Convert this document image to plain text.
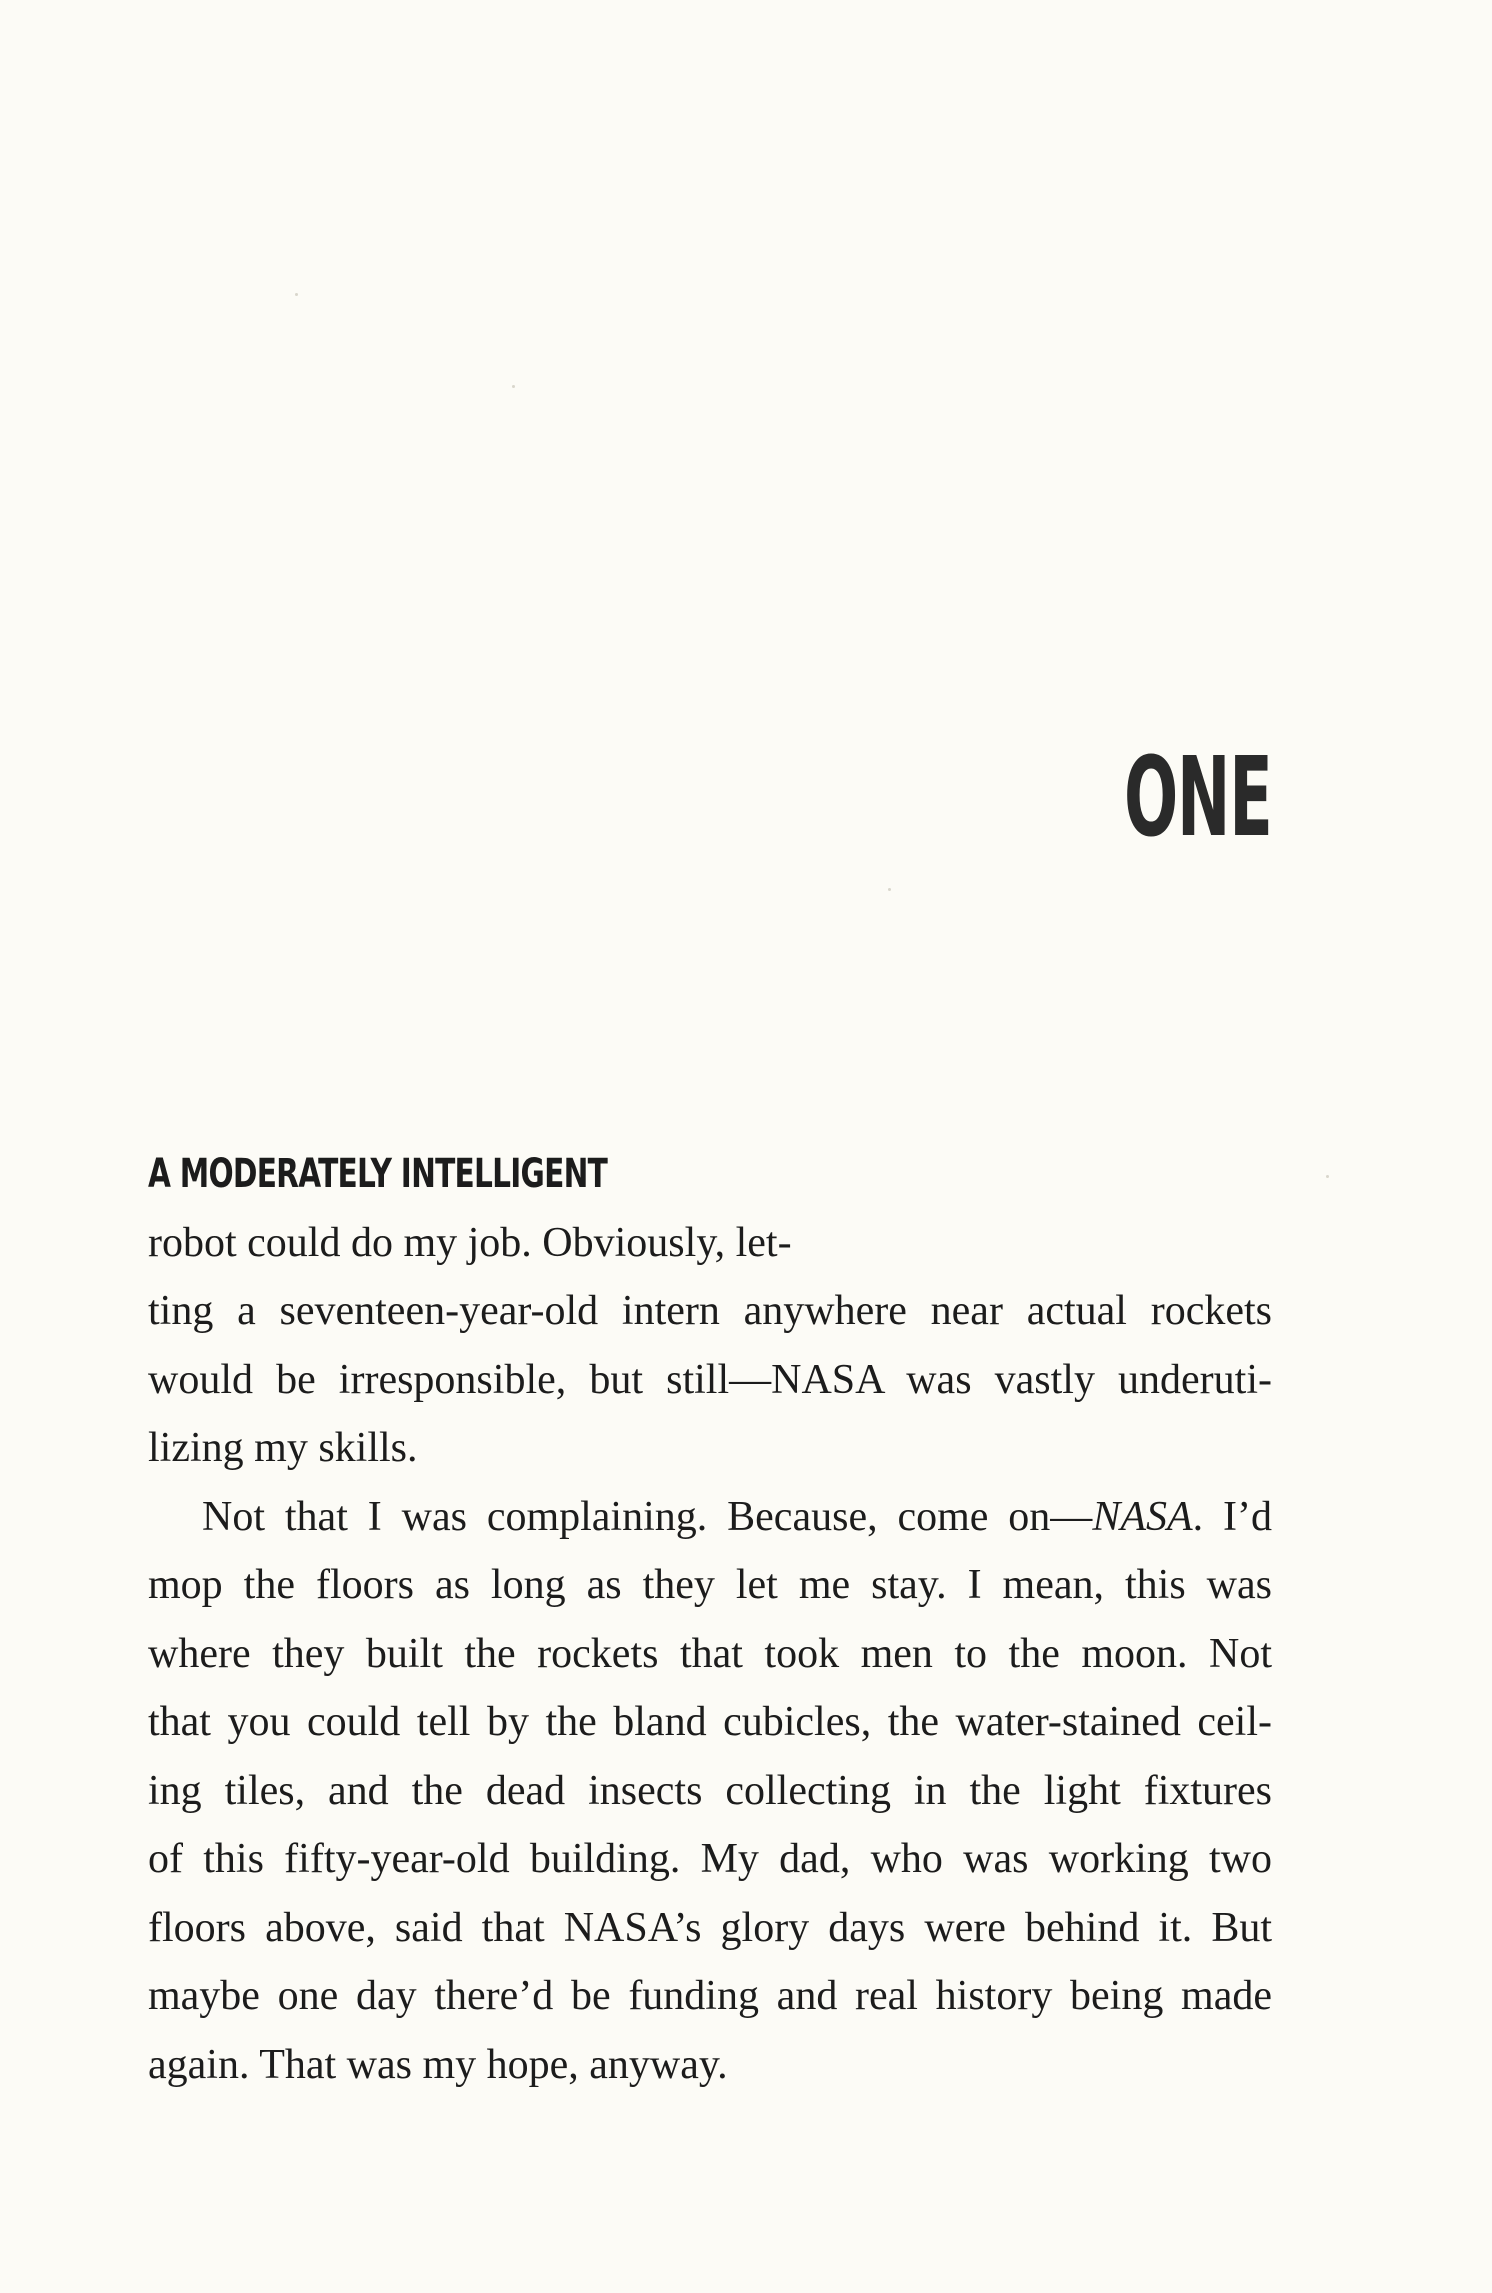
ONE

A MODERATELY INTELLIGENTrobot could do my job. Obviously, let-
ting a seventeen-year-old intern anywhere near actual rockets
would be irresponsible, but still—NASA was vastly underuti-
lizing my skills.

Not that I was complaining. Because, come on—NASA. I’d
mop the floors as long as they let me stay. I mean, this was
where they built the rockets that took men to the moon. Not
that you could tell by the bland cubicles, the water-stained ceil-
ing tiles, and the dead insects collecting in the light fixtures
of this fifty-year-old building. My dad, who was working two
floors above, said that NASA’s glory days were behind it. But
maybe one day there’d be funding and real history being made
again. That was my hope, anyway.
